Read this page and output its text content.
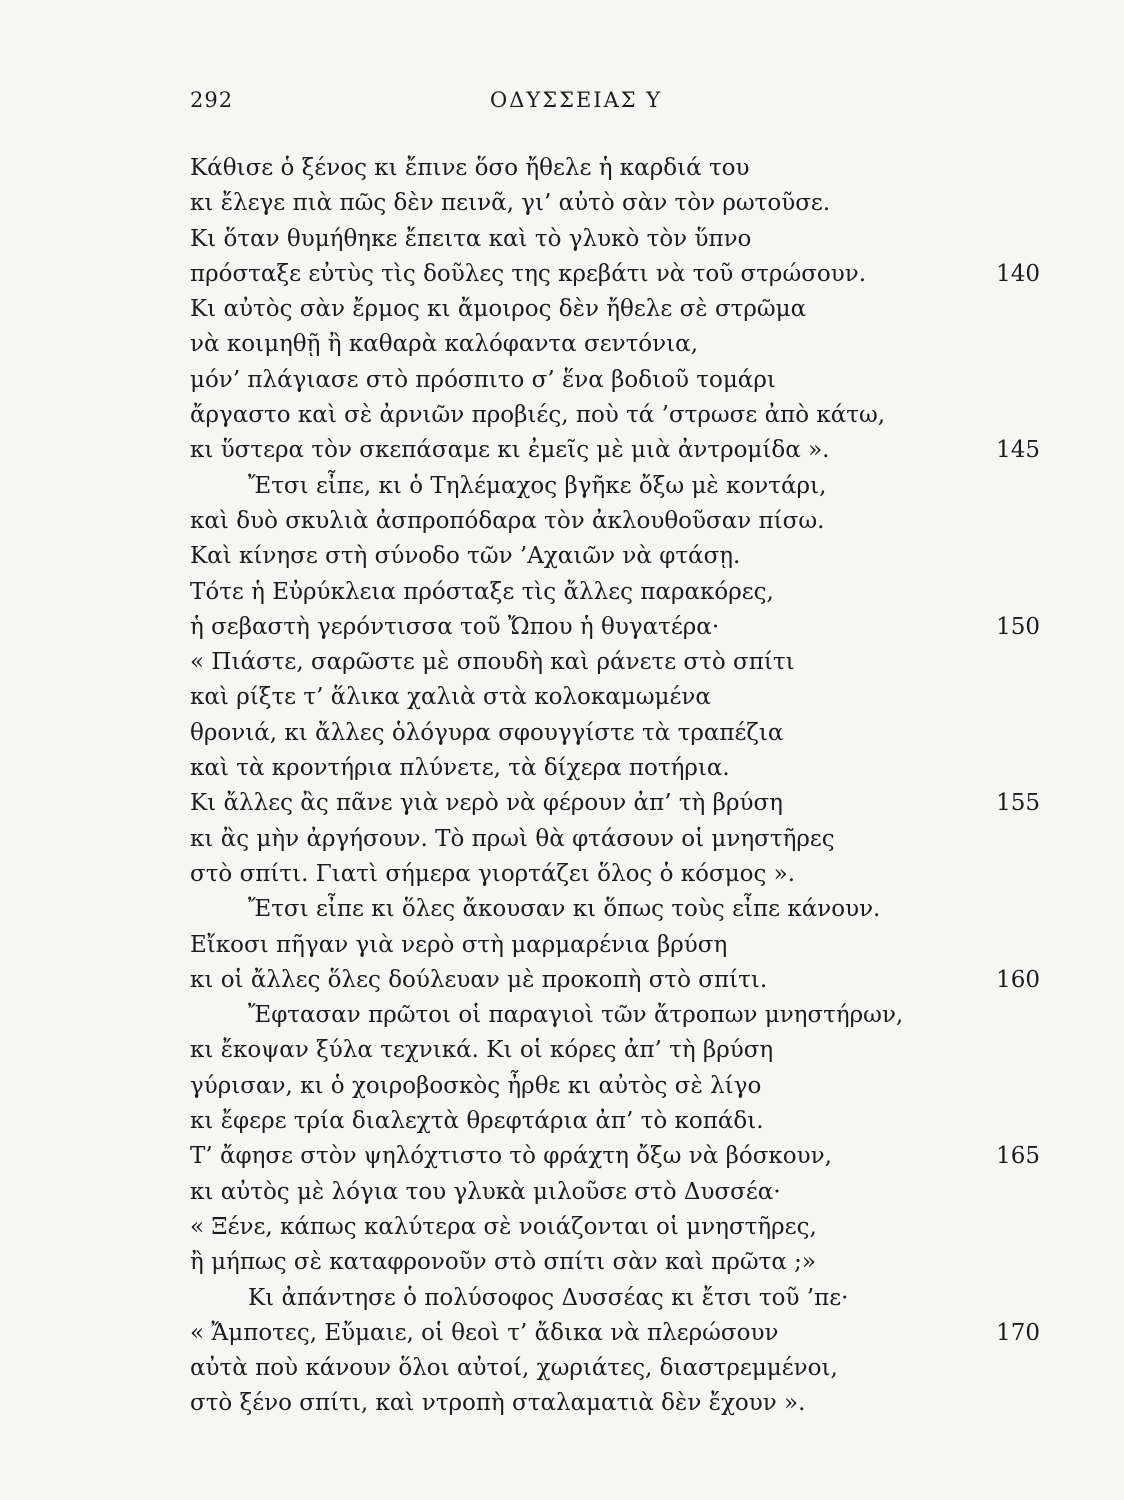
292	ΟΔΥΣΣΕΙΑΣ Υ
Κάθισε ὁ ξένος κι ἔπινε ὅσο ἤθελε ἡ καρδιά του
κι ἔλεγε πιὰ πῶς δὲν πεινᾶ, γι’ αὐτὸ σὰν τὸν ρωτοῦσε.
Κι ὅταν θυμήθηκε ἔπειτα καὶ τὸ γλυκὸ τὸν ὕπνο
πρόσταξε εὐτὺς τὶς δοῦλες της κρεβάτι νὰ τοῦ στρώσουν.	140
Κι αὐτὸς σὰν ἔρμος κι ἄμοιρος δὲν ἤθελε σὲ στρῶμα
νὰ κοιμηθῇ ἢ καθαρὰ καλόφαντα σεντόνια,
μόν’ πλάγιασε στὸ πρόσπιτο σ’ ἕνα βοδιοῦ τομάρι
ἄργαστο καὶ σὲ ἀρνιῶν προβιές, ποὺ τά ’στρωσε ἀπὸ κάτω,
κι ὕστερα τὸν σκεπάσαμε κι ἐμεῖς μὲ μιὰ ἀντρομίδα ».	145
Ἔτσι εἶπε, κι ὁ Τηλέμαχος βγῆκε ὄξω μὲ κοντάρι,
καὶ δυὸ σκυλιὰ ἀσπροπόδαρα τὸν ἀκλουθοῦσαν πίσω.
Καὶ κίνησε στὴ σύνοδο τῶν ’Αχαιῶν νὰ φτάσῃ.
Τότε ἡ Εὐρύκλεια πρόσταξε τὶς ἄλλες παρακόρες,
ἡ σεβαστὴ γερόντισσα τοῦ Ὤπου ἡ θυγατέρα·	150
« Πιάστε, σαρῶστε μὲ σπουδὴ καὶ ράνετε στὸ σπίτι
καὶ ρίξτε τ’ ἅλικα χαλιὰ στὰ κολοκαμωμένα
θρονιά, κι ἄλλες ὁλόγυρα σφουγγίστε τὰ τραπέζια
καὶ τὰ κροντήρια πλύνετε, τὰ δίχερα ποτήρια.
Κι ἄλλες ἂς πᾶνε γιὰ νερὸ νὰ φέρουν ἀπ’ τὴ βρύση	155
κι ἂς μὴν ἀργήσουν. Τὸ πρωὶ θὰ φτάσουν οἱ μνηστῆρες
στὸ σπίτι. Γιατὶ σήμερα γιορτάζει ὅλος ὁ κόσμος ».
Ἔτσι εἶπε κι ὅλες ἄκουσαν κι ὅπως τοὺς εἶπε κάνουν.
Εἴκοσι πῆγαν γιὰ νερὸ στὴ μαρμαρένια βρύση
κι οἱ ἄλλες ὅλες δούλευαν μὲ προκοπὴ στὸ σπίτι.	160
Ἔφτασαν πρῶτοι οἱ παραγιοὶ τῶν ἄτροπων μνηστήρων,
κι ἔκοψαν ξύλα τεχνικά. Κι οἱ κόρες ἀπ’ τὴ βρύση
γύρισαν, κι ὁ χοιροβοσκὸς ἦρθε κι αὐτὸς σὲ λίγο
κι ἔφερε τρία διαλεχτὰ θρεφτάρια ἀπ’ τὸ κοπάδι.
Τ’ ἄφησε στὸν ψηλόχτιστο τὸ φράχτη ὄξω νὰ βόσκουν,	165
κι αὐτὸς μὲ λόγια του γλυκὰ μιλοῦσε στὸ Δυσσέα·
« Ξένε, κάπως καλύτερα σὲ νοιάζονται οἱ μνηστῆρες,
ἢ μήπως σὲ καταφρονοῦν στὸ σπίτι σὰν καὶ πρῶτα ;»
Κι ἀπάντησε ὁ πολύσοφος Δυσσέας κι ἔτσι τοῦ ’πε·
« Ἄμποτες, Εὔμαιε, οἱ θεοὶ τ’ ἄδικα νὰ πλερώσουν	170
αὐτὰ ποὺ κάνουν ὅλοι αὐτοί, χωριάτες, διαστρεμμένοι,
στὸ ξένο σπίτι, καὶ ντροπὴ σταλαματιὰ δὲν ἔχουν ».
